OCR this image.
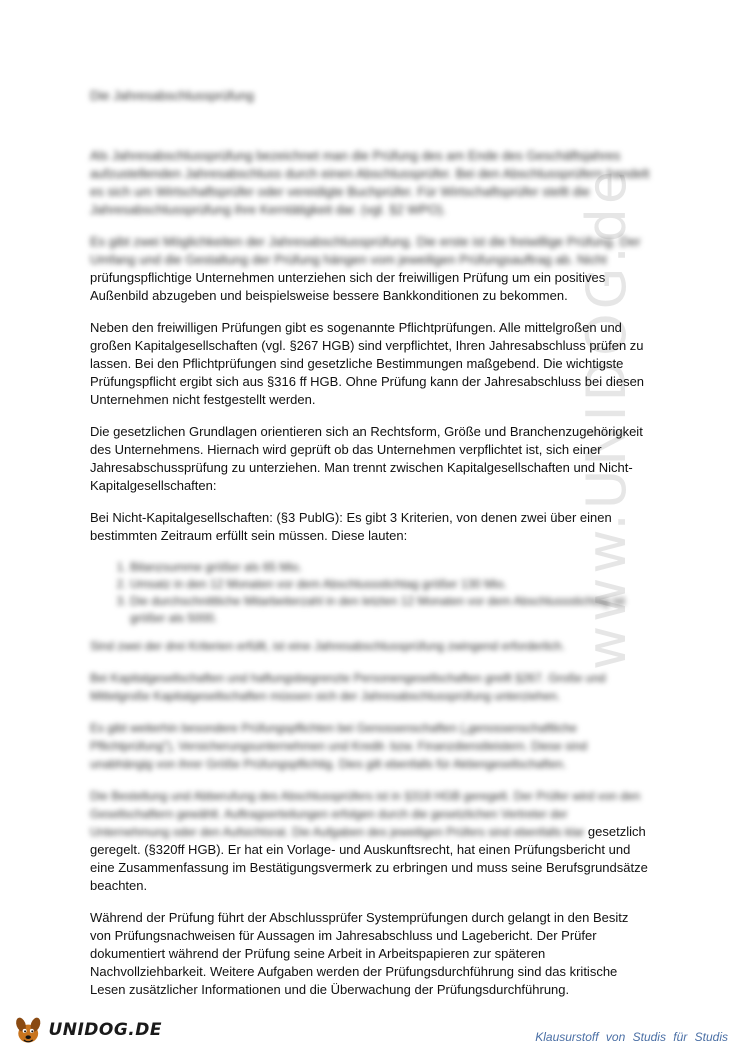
www.UNIDOG.de
Die Jahresabschlussprüfung

Als Jahresabschlussprüfung bezeichnet man die Prüfung des am Ende des Geschäftsjahres aufzustellenden Jahresabschluss durch einen Abschlussprüfer. Bei den Abschlussprüfern handelt es sich um Wirtschaftsprüfer oder vereidigte Buchprüfer. Für Wirtschaftsprüfer stellt die Jahresabschlussprüfung ihre Kerntätigkeit dar. (vgl. §2 WPO).

Es gibt zwei Möglichkeiten der Jahresabschlussprüfung. Die erste ist die freiwillige Prüfung. Der Umfang und die Gestaltung der Prüfung hängen vom jeweiligen Prüfungsauftrag ab. Nicht prüfungspflichtige Unternehmen unterziehen sich der freiwilligen Prüfung um ein positives Außenbild abzugeben und beispielsweise bessere Bankkonditionen zu bekommen.

Neben den freiwilligen Prüfungen gibt es sogenannte Pflichtprüfungen. Alle mittelgroßen und großen Kapitalgesellschaften (vgl. §267 HGB) sind verpflichtet, Ihren Jahresabschluss prüfen zu lassen. Bei den Pflichtprüfungen sind gesetzliche Bestimmungen maßgebend. Die wichtigste Prüfungspflicht ergibt sich aus §316 ff HGB. Ohne Prüfung kann der Jahresabschluss bei diesen Unternehmen nicht festgestellt werden.

Die gesetzlichen Grundlagen orientieren sich an Rechtsform, Größe und Branchenzugehörigkeit des Unternehmens. Hiernach wird geprüft ob das Unternehmen verpflichtet ist, sich einer Jahresabschussprüfung zu unterziehen. Man trennt zwischen Kapitalgesellschaften und Nicht-Kapitalgesellschaften:

Bei Nicht-Kapitalgesellschaften: (§3 PublG): Es gibt 3 Kriterien, von denen zwei über einen bestimmten Zeitraum erfüllt sein müssen. Diese lauten:

1. Bilanzsumme größer als 65 Mio.
2. Umsatz in den 12 Monaten vor dem Abschlussstichtag größer 130 Mio.
3. Die durchschnittliche Mitarbeiterzahl in den letzten 12 Monaten vor dem Abschlussstichtag ist größer als 5000.

Sind zwei der drei Kriterien erfüllt, ist eine Jahresabschlussprüfung zwingend erforderlich.

Bei Kapitalgesellschaften und haftungsbegrenzte Personengesellschaften greift §267. Große und Mittelgroße Kapitalgesellschaften müssen sich der Jahresabschlussprüfung unterziehen.

Es gibt weiterhin besondere Prüfungspflichten bei Genossenschaften („genossenschaftliche Pflichtprüfung"), Versicherungsunternehmen und Kredit- bzw. Finanzdienstleistern. Diese sind unabhängig von ihrer Größe Prüfungspflichtig. Dies gilt ebenfalls für Aktiengesellschaften.

Die Bestellung und Abberufung des Abschlussprüfers ist in §318 HGB geregelt. Der Prüfer wird von den Gesellschaftern gewählt. Auftragserteilungen erfolgen durch die gesetzlichen Vertreter der Unternehmung oder den Aufsichtsrat. Die Aufgaben des jeweiligen Prüfers sind ebenfalls klar gesetzlich geregelt. (§320ff HGB). Er hat ein Vorlage- und Auskunftsrecht, hat einen Prüfungsbericht und eine Zusammenfassung im Bestätigungsvermerk zu erbringen und muss seine Berufsgrundsätze beachten.

Während der Prüfung führt der Abschlussprüfer Systemprüfungen durch gelangt in den Besitz von Prüfungsnachweisen für Aussagen im Jahresabschluss und Lagebericht. Der Prüfer dokumentiert während der Prüfung seine Arbeit in Arbeitspapieren zur späteren Nachvollziehbarkeit. Weitere Aufgaben werden der Prüfungsdurchführung sind das kritische Lesen zusätzlicher Informationen und die Überwachung der Prüfungsdurchführung.

UNIDOG.DE	Klausurstoff von Studis für Studis
